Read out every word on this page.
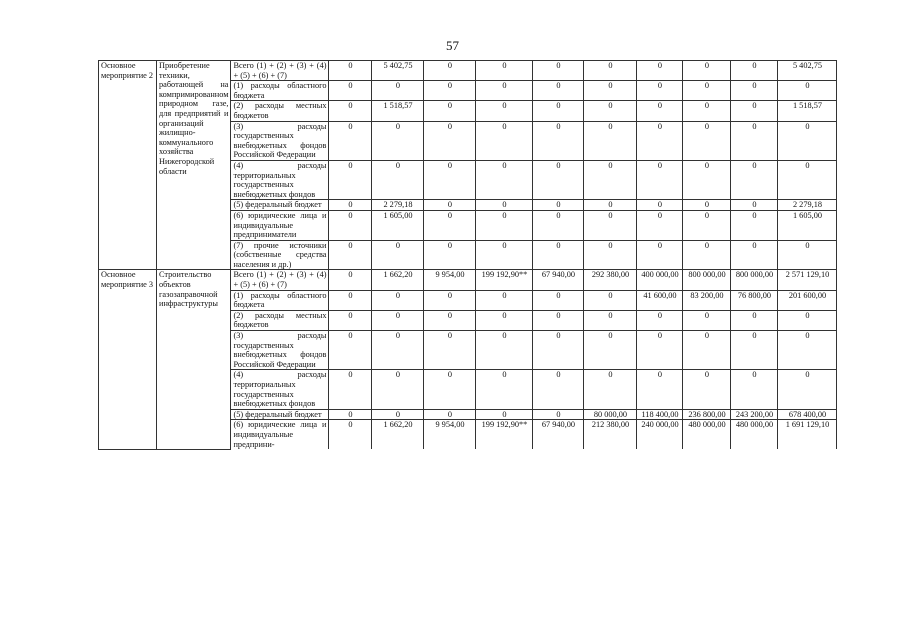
57
Основное мероприятие 2	Приобретение техники, работающей на компримированном природном газе, для предприятий и организаций жилищно-коммунального хозяйства Нижегородской области	Всего (1) + (2) + (3) + (4) + (5) + (6) + (7)	0	5 402,75	0	0	0	0	0	0	0	5 402,75
		(1) расходы областного бюджета	0	0	0	0	0	0	0	0	0	0
		(2) расходы местных бюджетов	0	1 518,57	0	0	0	0	0	0	0	1 518,57
		(3) расходы государственных внебюджетных фондов Российской Федерации	0	0	0	0	0	0	0	0	0	0
		(4) расходы территориальных государственных внебюджетных фондов	0	0	0	0	0	0	0	0	0	0
		(5) федеральный бюджет	0	2 279,18	0	0	0	0	0	0	0	2 279,18
		(6) юридические лица и индивидуальные предприниматели	0	1 605,00	0	0	0	0	0	0	0	1 605,00
		(7) прочие источники (собственные средства населения и др.)	0	0	0	0	0	0	0	0	0	0
Основное мероприятие 3	Строительство объектов газозаправочной инфраструктуры	Всего (1) + (2) + (3) + (4) + (5) + (6) + (7)	0	1 662,20	9 954,00	199 192,90**	67 940,00	292 380,00	400 000,00	800 000,00	800 000,00	2 571 129,10
		(1) расходы областного бюджета	0	0	0	0	0	0	41 600,00	83 200,00	76 800,00	201 600,00
		(2) расходы местных бюджетов	0	0	0	0	0	0	0	0	0	0
		(3) расходы государственных внебюджетных фондов Российской Федерации	0	0	0	0	0	0	0	0	0	0
		(4) расходы территориальных государственных внебюджетных фондов	0	0	0	0	0	0	0	0	0	0
		(5) федеральный бюджет	0	0	0	0	0	80 000,00	118 400,00	236 800,00	243 200,00	678 400,00
		(6) юридические лица и индивидуальные предприни-	0	1 662,20	9 954,00	199 192,90**	67 940,00	212 380,00	240 000,00	480 000,00	480 000,00	1 691 129,10
